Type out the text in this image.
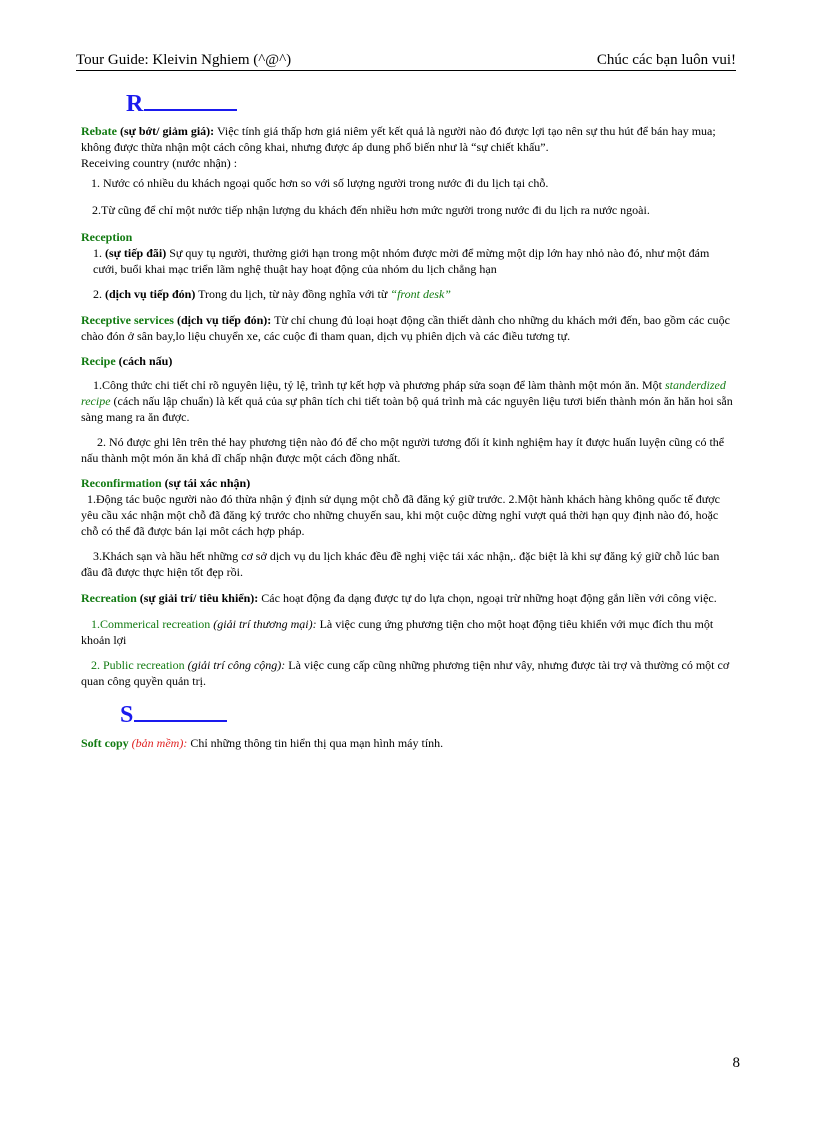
Tour Guide: Kleivin Nghiem (^@^)	Chúc các bạn luôn vui!
R

Rebate (sự bớt/ giảm giá): Việc tính giá thấp hơn giá niêm yết kết quả là người nào đó được lợi tạo nên sự thu hút để bán hay mua; không được thừa nhận một cách công khai, nhưng được áp dung phổ biến như là “sự chiết khấu”.

Receiving country (nước nhận) :

1. Nước có nhiều du khách ngoại quốc hơn so với số lượng người trong nước đi du lịch tại chỗ.

2.Từ cũng để chỉ một nước tiếp nhận lượng du khách đến nhiều hơn mức người trong nước đi du lịch ra nước ngoài.

Reception

1. (sự tiếp đãi) Sự quy tụ người, thường giới hạn trong một nhóm được mời để mừng một dịp lớn hay nhỏ nào đó, như một đám cưới, buổi khai mạc triển lãm nghệ thuật hay hoạt động của nhóm du lịch chẳng hạn

2. (dịch vụ tiếp đón) Trong du lịch, từ này đồng nghĩa với từ “front desk”

Receptive services (dịch vụ tiếp đón): Từ chỉ chung đủ loại hoạt động cần thiết dành cho những du khách mới đến, bao gồm các cuộc chào đón ở sân bay,lo liệu chuyển xe, các cuộc đi tham quan, dịch vụ phiên dịch và các điều tương tự.

Recipe (cách nấu)

1.Công thức chi tiết chỉ rõ nguyên liệu, tỷ lệ, trình tự kết hợp và phương pháp sửa soạn để làm thành một món ăn. Một standerdized recipe (cách nấu lập chuẩn) là kết quả của sự phân tích chi tiết toàn bộ quá trình mà các nguyên liệu tươi biến thành món ăn hăn hoi sẵn sàng mang ra ăn được.

2. Nó được ghi lên trên thẻ hay phương tiện nào đó để cho một người tương đối ít kinh nghiệm hay ít được huấn luyện cũng có thể nấu thành một món ăn khả dĩ chấp nhận được một cách đồng nhất.

Reconfirmation (sự tái xác nhận)

1.Động tác buộc người nào đó thừa nhận ý định sử dụng một chỗ đã đăng ký giữ trước. 2.Một hành khách hàng không quốc tế được yêu cầu xác nhận một chỗ đã đăng ký trước cho những chuyến sau, khi một cuộc dừng nghỉ vượt quá thời hạn quy định nào đó, hoặc chỗ có thể đã được bán lại môt cách hợp pháp.

3.Khách sạn và hầu hết những cơ sở dịch vụ du lịch khác đều đề nghị việc tái xác nhận,. đặc biệt là khi sự đăng ký giữ chỗ lúc ban đầu đã được thực hiện tốt đẹp rồi.

Recreation (sự giải trí/ tiêu khiển): Các hoạt động đa dạng được tự do lựa chọn, ngoại trừ những hoạt động gắn liền với công việc.

1.Commerical recreation (giải trí thương mại): Là việc cung ứng phương tiện cho một hoạt động tiêu khiển với mục đích thu một khoản lợi

2. Public recreation (giải trí công cộng): Là việc cung cấp cũng những phương tiện như vây, nhưng được tài trợ và thường có một cơ quan công quyền quản trị.

S

Soft copy (bản mềm): Chỉ những thông tin hiển thị qua mạn hình máy tính.

8
